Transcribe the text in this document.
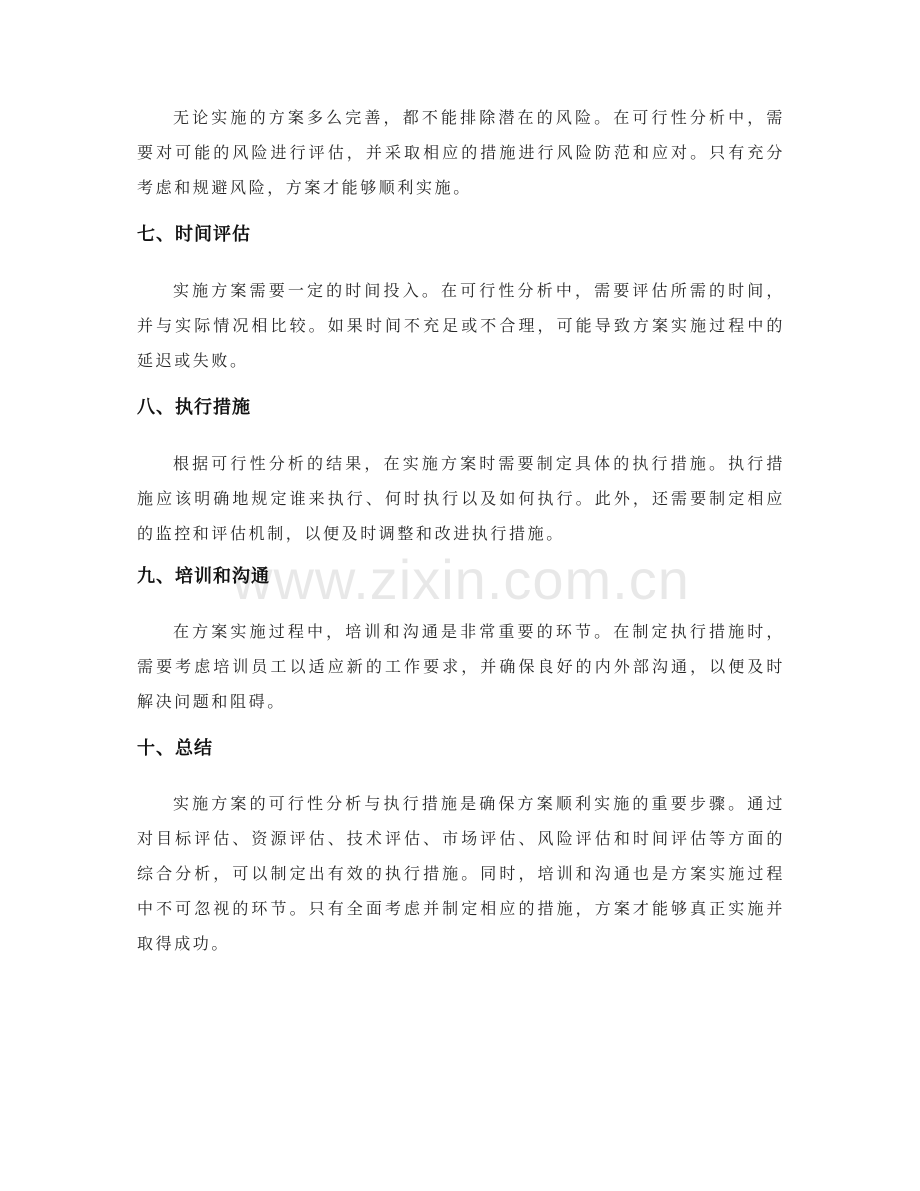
无论实施的方案多么完善，都不能排除潜在的风险。在可行性分析中，需要对可能的风险进行评估，并采取相应的措施进行风险防范和应对。只有充分考虑和规避风险，方案才能够顺利实施。

七、时间评估

实施方案需要一定的时间投入。在可行性分析中，需要评估所需的时间，并与实际情况相比较。如果时间不充足或不合理，可能导致方案实施过程中的延迟或失败。

八、执行措施

根据可行性分析的结果，在实施方案时需要制定具体的执行措施。执行措施应该明确地规定谁来执行、何时执行以及如何执行。此外，还需要制定相应的监控和评估机制，以便及时调整和改进执行措施。

九、培训和沟通

在方案实施过程中，培训和沟通是非常重要的环节。在制定执行措施时，需要考虑培训员工以适应新的工作要求，并确保良好的内外部沟通，以便及时解决问题和阻碍。

十、总结

实施方案的可行性分析与执行措施是确保方案顺利实施的重要步骤。通过对目标评估、资源评估、技术评估、市场评估、风险评估和时间评估等方面的综合分析，可以制定出有效的执行措施。同时，培训和沟通也是方案实施过程中不可忽视的环节。只有全面考虑并制定相应的措施，方案才能够真正实施并取得成功。

www.zixin.com.cn
